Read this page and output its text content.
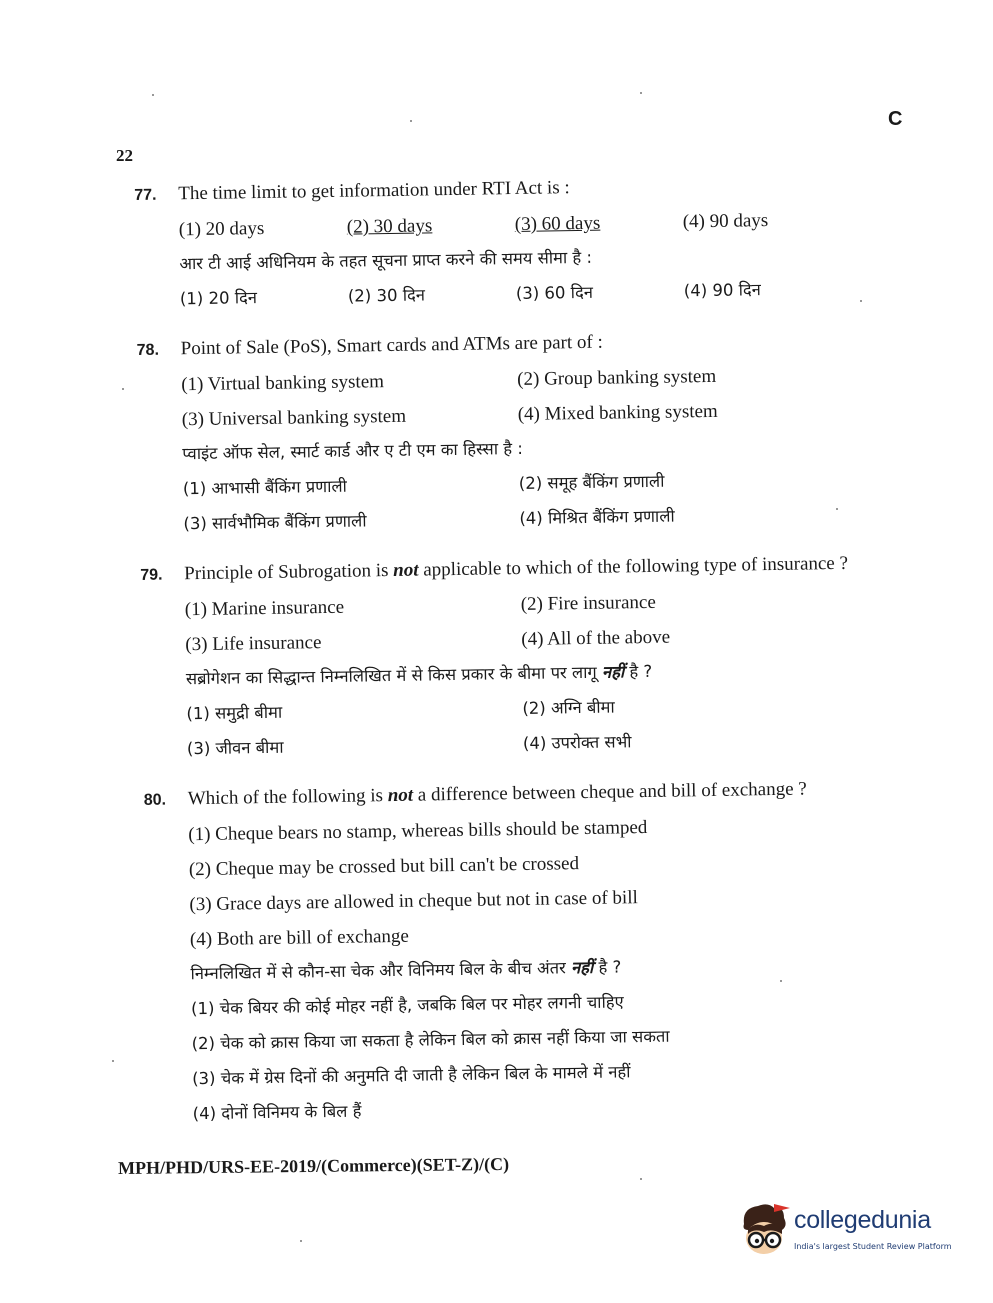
C
22
77.	The time limit to get information under RTI Act is :
(1) 20 days	(2) 30 days	(3) 60 days	(4) 90 days
आर टी आई अधिनियम के तहत सूचना प्राप्त करने की समय सीमा है :
(1) 20 दिन	(2) 30 दिन	(3) 60 दिन	(4) 90 दिन
78.	Point of Sale (PoS), Smart cards and ATMs are part of :
(1) Virtual banking system	(2) Group banking system
(3) Universal banking system	(4) Mixed banking system
प्वाइंट ऑफ सेल, स्मार्ट कार्ड और ए टी एम का हिस्सा है :
(1) आभासी बैंकिंग प्रणाली	(2) समूह बैंकिंग प्रणाली
(3) सार्वभौमिक बैंकिंग प्रणाली	(4) मिश्रित बैंकिंग प्रणाली
79.	Principle of Subrogation is not applicable to which of the following type of insurance ?
(1) Marine insurance	(2) Fire insurance
(3) Life insurance	(4) All of the above
सब्रोगेशन का सिद्धान्त निम्नलिखित में से किस प्रकार के बीमा पर लागू नहीं है ?
(1) समुद्री बीमा	(2) अग्नि बीमा
(3) जीवन बीमा	(4) उपरोक्त सभी
80.	Which of the following is not a difference between cheque and bill of exchange ?
(1) Cheque bears no stamp, whereas bills should be stamped
(2) Cheque may be crossed but bill can't be crossed
(3) Grace days are allowed in cheque but not in case of bill
(4) Both are bill of exchange
निम्नलिखित में से कौन-सा चेक और विनिमय बिल के बीच अंतर नहीं है ?
(1) चेक बियर की कोई मोहर नहीं है, जबकि बिल पर मोहर लगनी चाहिए
(2) चेक को क्रास किया जा सकता है लेकिन बिल को क्रास नहीं किया जा सकता
(3) चेक में ग्रेस दिनों की अनुमति दी जाती है लेकिन बिल के मामले में नहीं
(4) दोनों विनिमय के बिल हैं
MPH/PHD/URS-EE-2019/(Commerce)(SET-Z)/(C)
collegedunia
India's largest Student Review Platform
